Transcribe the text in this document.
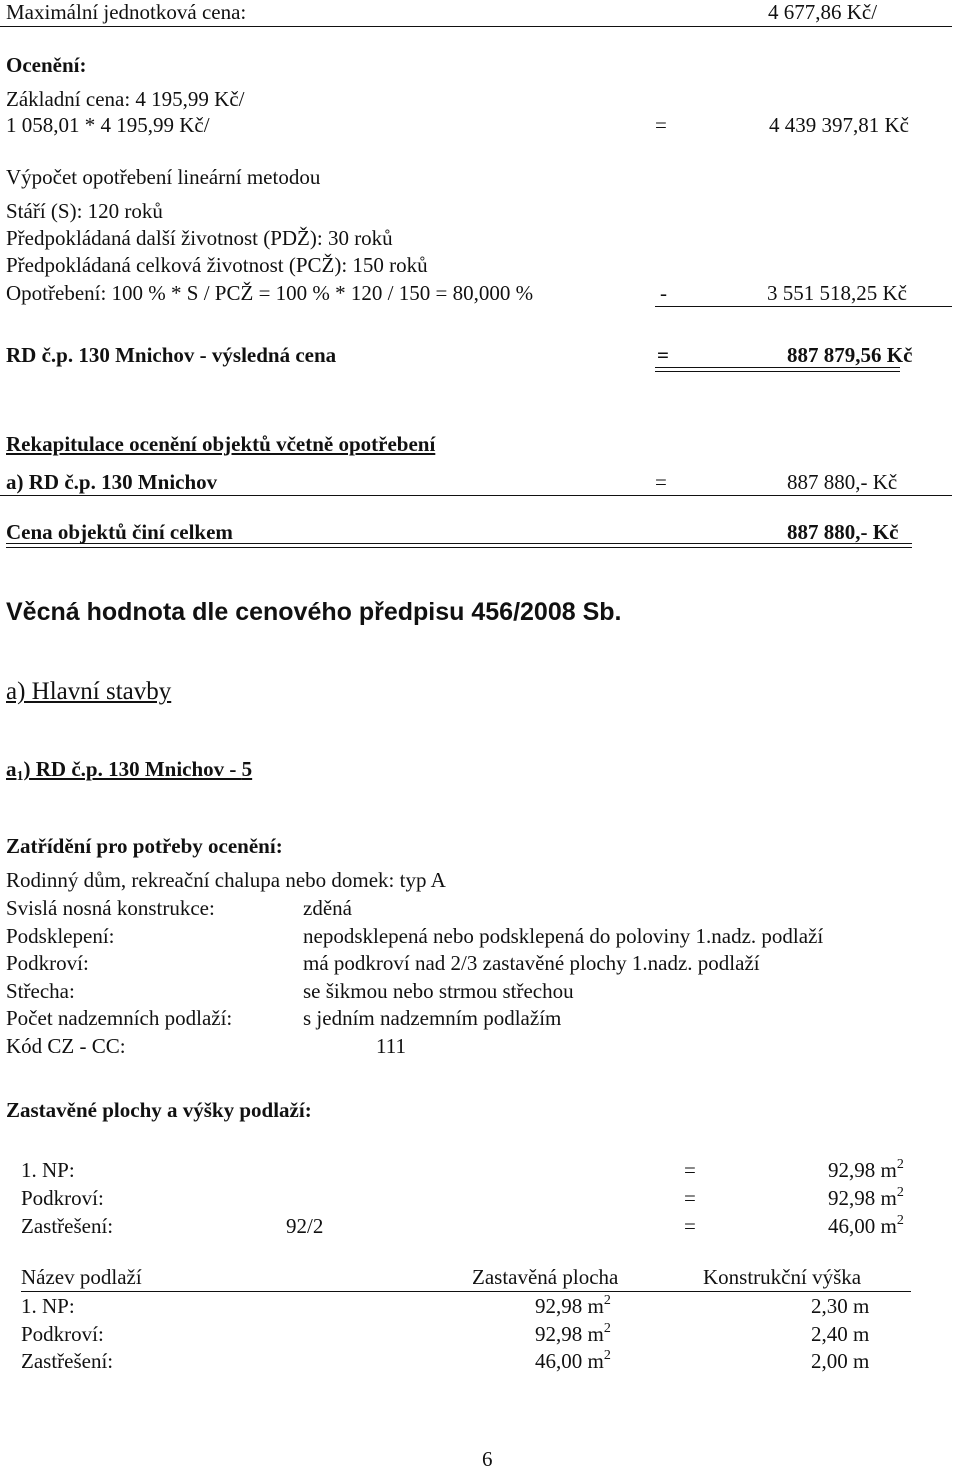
Maximální jednotková cena:	4 677,86 Kč/
Ocenění:
Základní cena: 4 195,99 Kč/
1 058,01 * 4 195,99 Kč/	=	4 439 397,81 Kč
Výpočet opotřebení lineární metodou
Stáří (S): 120 roků
Předpokládaná další životnost (PDŽ): 30 roků
Předpokládaná celková životnost (PCŽ): 150 roků
Opotřebení: 100 % * S / PCŽ = 100 % * 120 / 150 = 80,000 %	-	3 551 518,25 Kč
RD č.p. 130 Mnichov - výsledná cena	=	887 879,56 Kč
Rekapitulace ocenění objektů včetně opotřebení
a) RD č.p. 130 Mnichov	=	887 880,- Kč
Cena objektů činí celkem	887 880,- Kč
Věcná hodnota dle cenového předpisu 456/2008 Sb.
a) Hlavní stavby
$a_1$) RD č.p. 130 Mnichov - 5
Zatřídění pro potřeby ocenění:
Rodinný dům, rekreační chalupa nebo domek: typ A
Svislá nosná konstrukce:	zděná
Podsklepení:	nepodsklepená nebo podsklepená do poloviny 1.nadz. podlaží
Podkroví:	má podkroví nad 2/3 zastavěné plochy 1.nadz. podlaží
Střecha:	se šikmou nebo strmou střechou
Počet nadzemních podlaží:	s jedním nadzemním podlažím
Kód CZ - CC:	111
Zastavěné plochy a výšky podlaží:
1. NP:	=	92,98 $m^2$
Podkroví:	=	92,98 $m^2$
Zastřešení:	92/2	=	46,00 $m^2$
Název podlaží	Zastavěná plocha	Konstrukční výška
1. NP:	92,98 $m^2$	2,30 m
Podkroví:	92,98 $m^2$	2,40 m
Zastřešení:	46,00 $m^2$	2,00 m
6
